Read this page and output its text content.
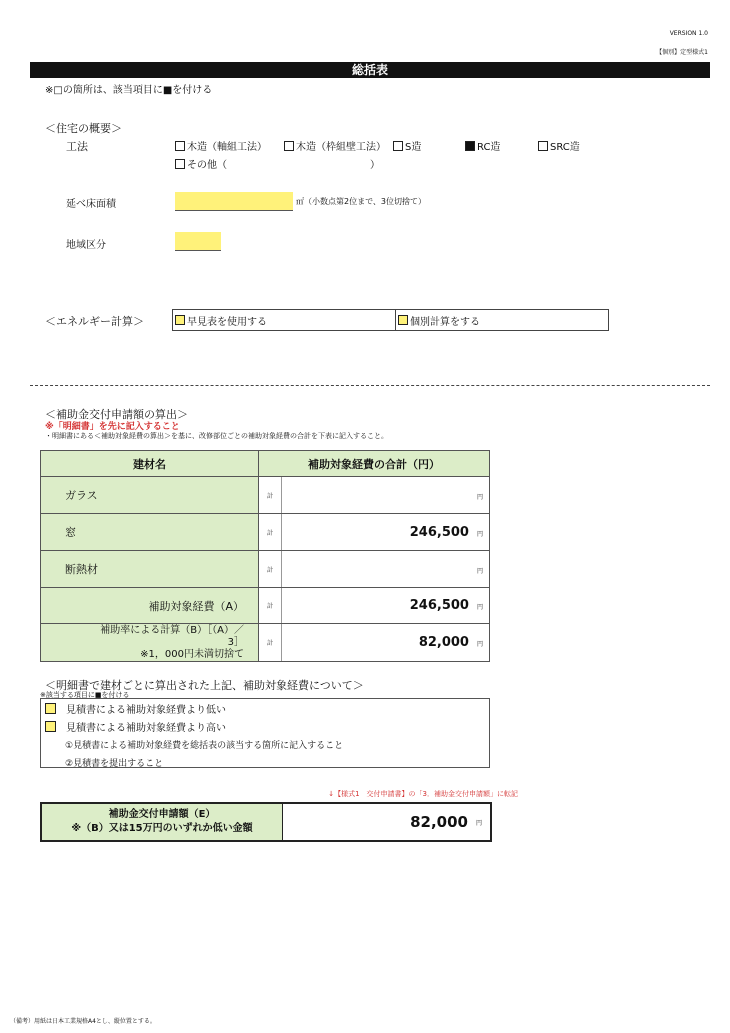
VERSION 1.0
【個別】定型様式1
総括表
※□の箇所は、該当項目に■を付ける
＜住宅の概要＞
工法	木造（軸組工法）	木造（枠組壁工法）	S造	RC造	SRC造
その他（	）
延べ床面積	㎡（小数点第2位まで、3位切捨て）
地域区分
＜エネルギー計算＞	早見表を使用する	個別計算をする
＜補助金交付申請額の算出＞
※「明細書」を先に記入すること
・明細書にある＜補助対象経費の算出＞を基に、改修部位ごとの補助対象経費の合計を下表に記入すること。
建材名	補助対象経費の合計（円）	
ガラス	計	円
窓	計	246,500 円
断熱材	計	円
補助対象経費（A）	計	246,500 円

補助率による計算（B）［（A）／
3］
※1，000円未満切捨て	計	82,000 円
＜明細書で建材ごとに算出された上記、補助対象経費について＞
※該当する項目に■を付ける
見積書による補助対象経費より低い
見積書による補助対象経費より高い
①見積書による補助対象経費を総括表の該当する箇所に記入すること
②見積書を提出すること
↓【様式1　交付申請書】の「3．補助金交付申請額」に転記
補助金交付申請額（E）
※（B）又は15万円のいずれか低い金額	82,000 円
（備考）用紙は日本工業規格A4とし、縦位置とする。
